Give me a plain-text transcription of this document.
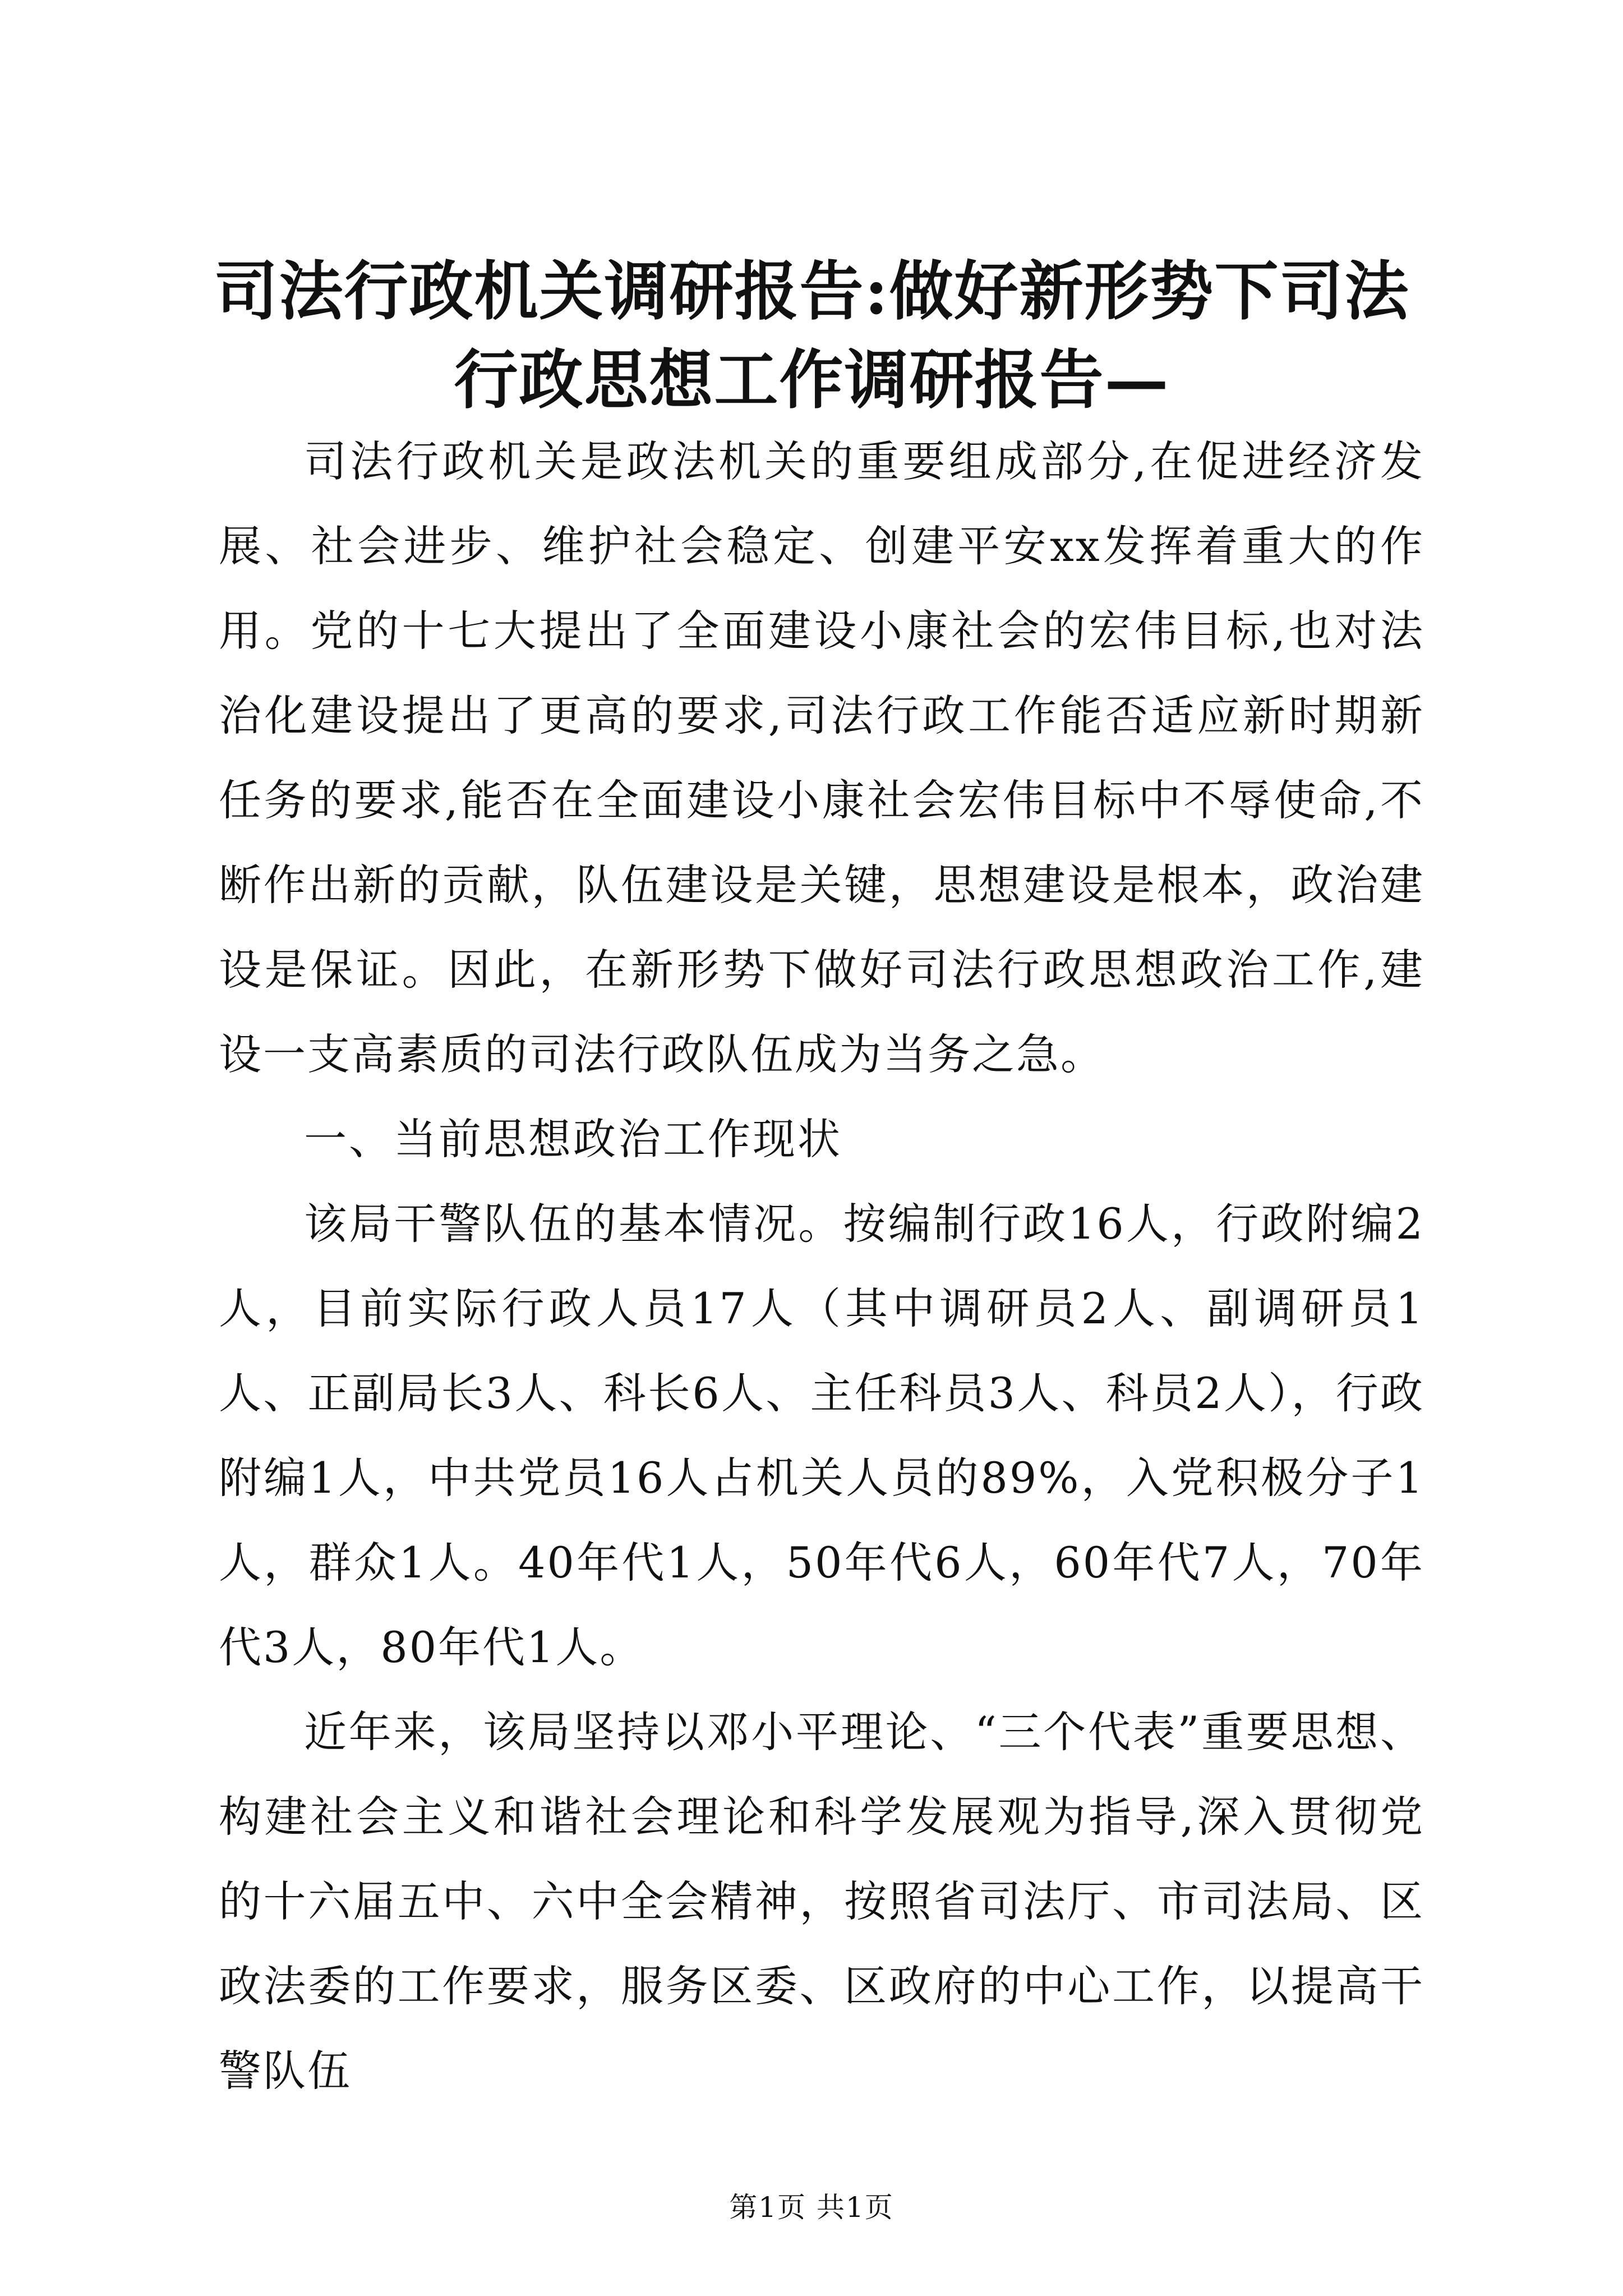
司法行政机关调研报告:做好新形势下司法行政思想工作调研报告—

司法行政机关是政法机关的重要组成部分,在促进经济发展、社会进步、维护社会稳定、创建平安xx发挥着重大的作用。党的十七大提出了全面建设小康社会的宏伟目标,也对法治化建设提出了更高的要求,司法行政工作能否适应新时期新任务的要求,能否在全面建设小康社会宏伟目标中不辱使命,不断作出新的贡献，队伍建设是关键，思想建设是根本，政治建设是保证。因此，在新形势下做好司法行政思想政治工作,建设一支高素质的司法行政队伍成为当务之急。

一、当前思想政治工作现状

该局干警队伍的基本情况。按编制行政16人，行政附编2人，目前实际行政人员17人（其中调研员2人、副调研员1人、正副局长3人、科长6人、主任科员3人、科员2人），行政附编1人，中共党员16人占机关人员的89%，入党积极分子1人，群众1人。40年代1人，50年代6人，60年代7人，70年代3人，80年代1人。

近年来，该局坚持以邓小平理论、“三个代表”重要思想、构建社会主义和谐社会理论和科学发展观为指导,深入贯彻党的十六届五中、六中全会精神，按照省司法厅、市司法局、区政法委的工作要求，服务区委、区政府的中心工作，以提高干警队伍

第1页 共1页
